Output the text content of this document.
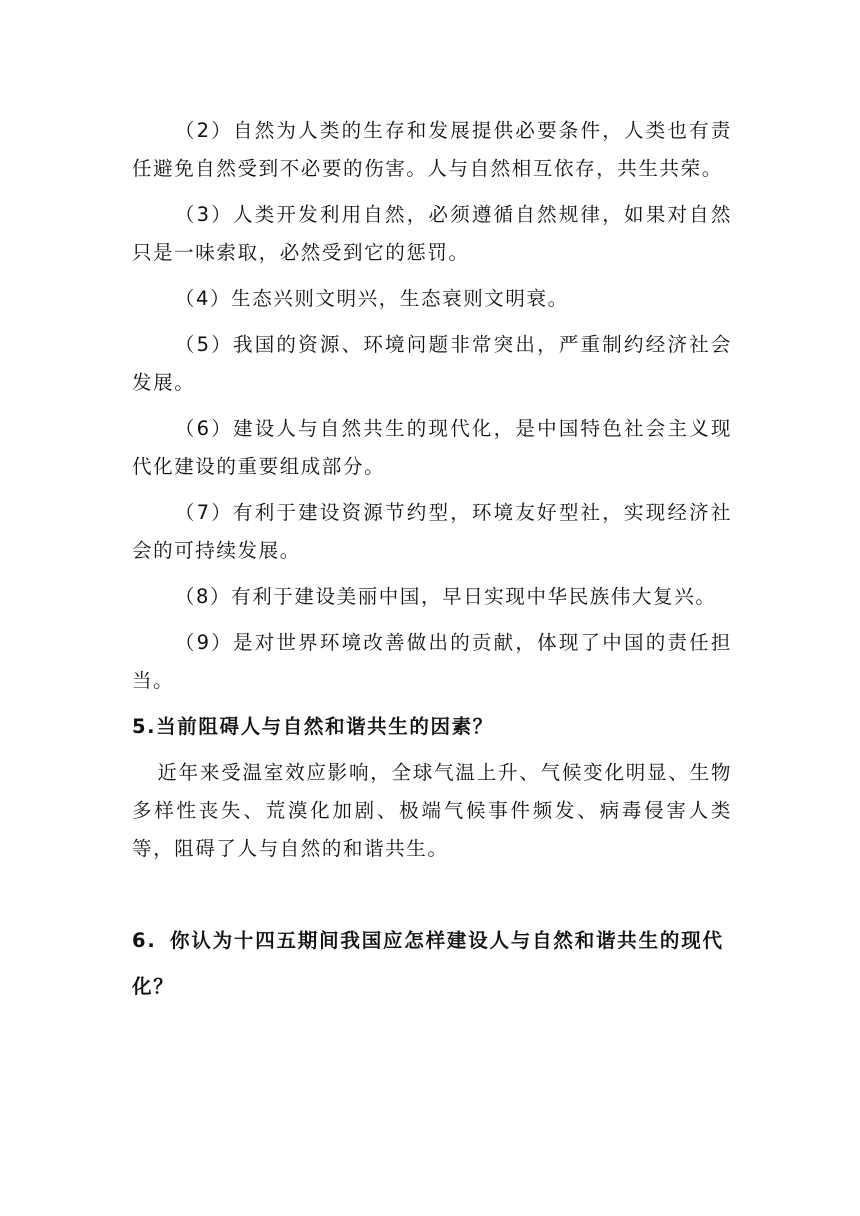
（2）自然为人类的生存和发展提供必要条件，人类也有责任避免自然受到不必要的伤害。人与自然相互依存，共生共荣。

（3）人类开发利用自然，必须遵循自然规律，如果对自然只是一味索取，必然受到它的惩罚。

（4）生态兴则文明兴，生态衰则文明衰。

（5）我国的资源、环境问题非常突出，严重制约经济社会发展。

（6）建设人与自然共生的现代化，是中国特色社会主义现代化建设的重要组成部分。

（7）有利于建设资源节约型，环境友好型社，实现经济社会的可持续发展。

（8）有利于建设美丽中国，早日实现中华民族伟大复兴。

（9）是对世界环境改善做出的贡献，体现了中国的责任担当。

5.当前阻碍人与自然和谐共生的因素？

近年来受温室效应影响，全球气温上升、气候变化明显、生物多样性丧失、荒漠化加剧、极端气候事件频发、病毒侵害人类等，阻碍了人与自然的和谐共生。

6. 你认为十四五期间我国应怎样建设人与自然和谐共生的现代化？
